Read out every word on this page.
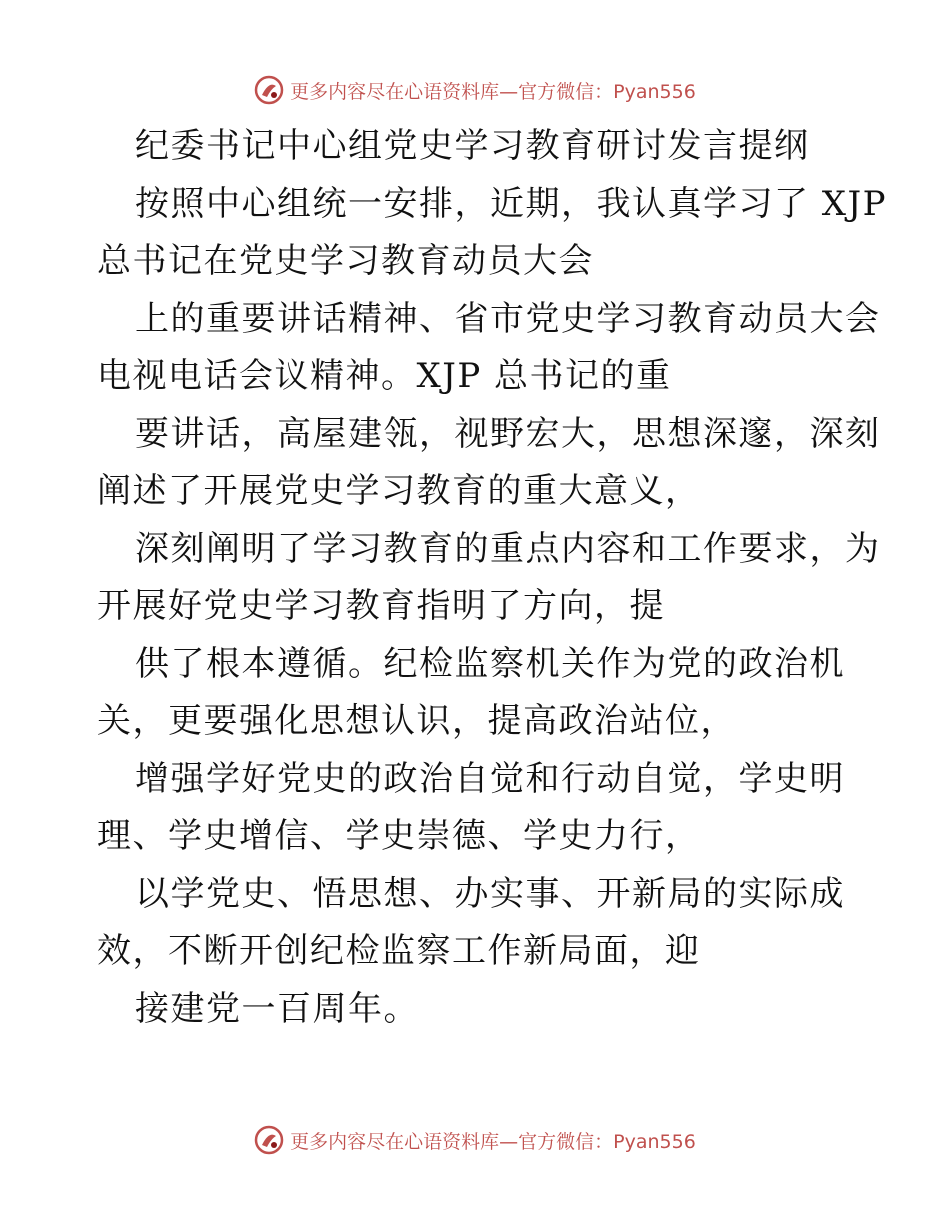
更多内容尽在心语资料库—官方微信：Pyan556
纪委书记中心组党史学习教育研讨发言提纲
按照中心组统一安排，近期，我认真学习了 XJP
总书记在党史学习教育动员大会
上的重要讲话精神、省市党史学习教育动员大会
电视电话会议精神。XJP 总书记的重
要讲话，高屋建瓴，视野宏大，思想深邃，深刻
阐述了开展党史学习教育的重大意义，
深刻阐明了学习教育的重点内容和工作要求，为
开展好党史学习教育指明了方向，提
供了根本遵循。纪检监察机关作为党的政治机
关，更要强化思想认识，提高政治站位，
增强学好党史的政治自觉和行动自觉，学史明
理、学史增信、学史崇德、学史力行，
以学党史、悟思想、办实事、开新局的实际成
效，不断开创纪检监察工作新局面，迎
接建党一百周年。
更多内容尽在心语资料库—官方微信：Pyan556
